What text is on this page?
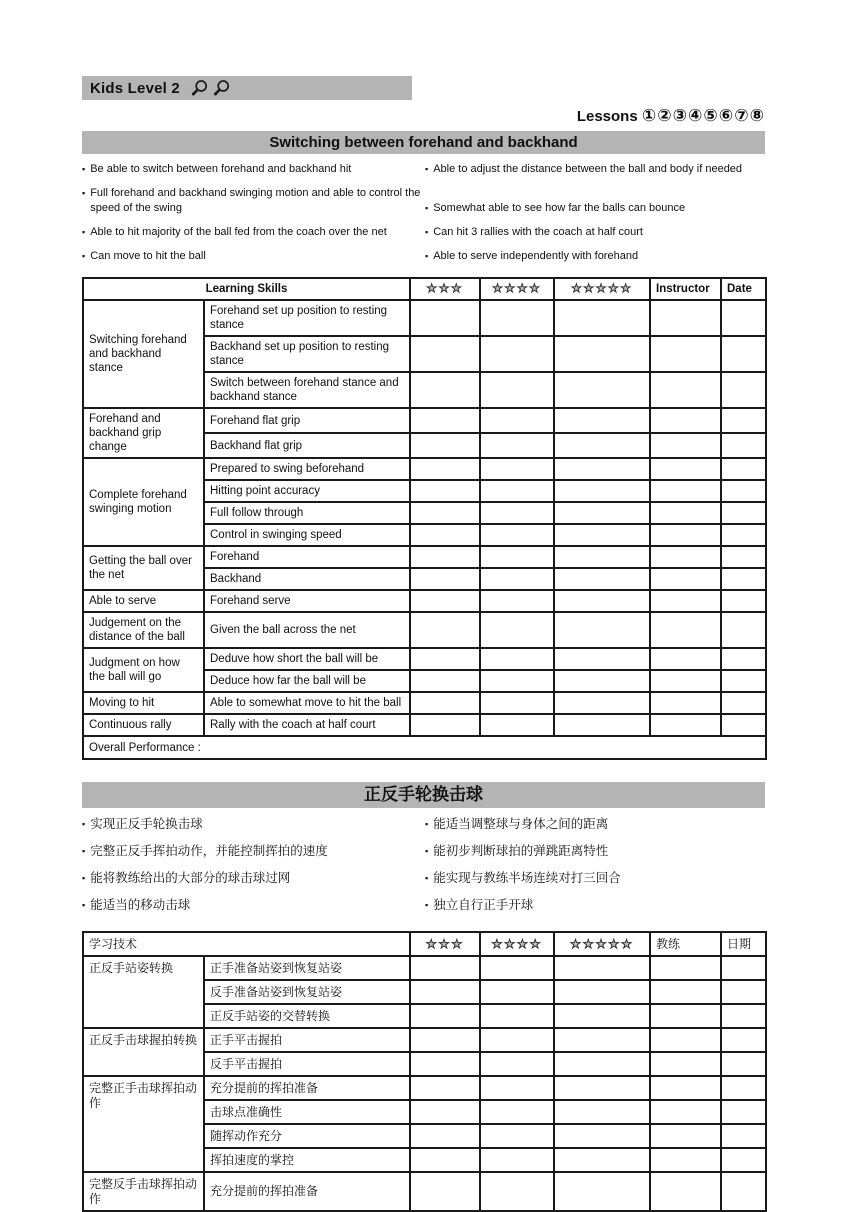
Kids Level 2
Lessons ①②③④⑤⑥⑦⑧
Switching between forehand and backhand
▪ Be able to switch between forehand and backhand hit	▪ Able to adjust the distance between the ball and body if needed
▪ Full forehand and backhand swinging motion and able to control the speed of the swing	▪ Somewhat able to see how far the balls can bounce
▪ Able to hit majority of the ball fed from the coach over the net	▪ Can hit 3 rallies with the coach at half court
▪ Can move to hit the ball	▪ Able to serve independently with forehand
Learning Skills		★★★	★★★★	★★★★★	Instructor	Date
Switching forehand and backhand stance	Forehand set up position to resting stance					
	Backhand set up position to resting stance					
	Switch between forehand stance and backhand stance					
Forehand and backhand grip change	Forehand flat grip					
	Backhand flat grip					
Complete forehand swinging motion	Prepared to swing beforehand					
	Hitting point accuracy					
	Full follow through					
	Control in swinging speed					
Getting the ball over the net	Forehand					
	Backhand					
Able to serve	Forehand serve					
Judgement on the distance of the ball	Given the ball across the net					
Judgment on how the ball will go	Deduve how short the ball will be					
	Deduce how far the ball will be					
Moving to hit	Able to somewhat move to hit the ball					
Continuous rally	Rally with the coach at half court					
Overall Performance :						
正反手轮换击球
▪ 实现正反手轮换击球	▪ 能适当调整球与身体之间的距离
▪ 完整正反手挥拍动作，并能控制挥拍的速度	▪ 能初步判断球拍的弹跳距离特性
▪ 能将教练给出的大部分的球击球过网	▪ 能实现与教练半场连续对打三回合
▪ 能适当的移动击球	▪ 独立自行正手开球
学习技术		★★★	★★★★	★★★★★	教练	日期
正反手站姿转换	正手准备站姿到恢复站姿					
	反手准备站姿到恢复站姿					
	正反手站姿的交替转换					
正反手击球握拍转换	正手平击握拍					
	反手平击握拍					
完整正手击球挥拍动作	充分提前的挥拍准备					
	击球点准确性					
	随挥动作充分					
	挥拍速度的掌控					
完整反手击球挥拍动作	充分提前的挥拍准备					
